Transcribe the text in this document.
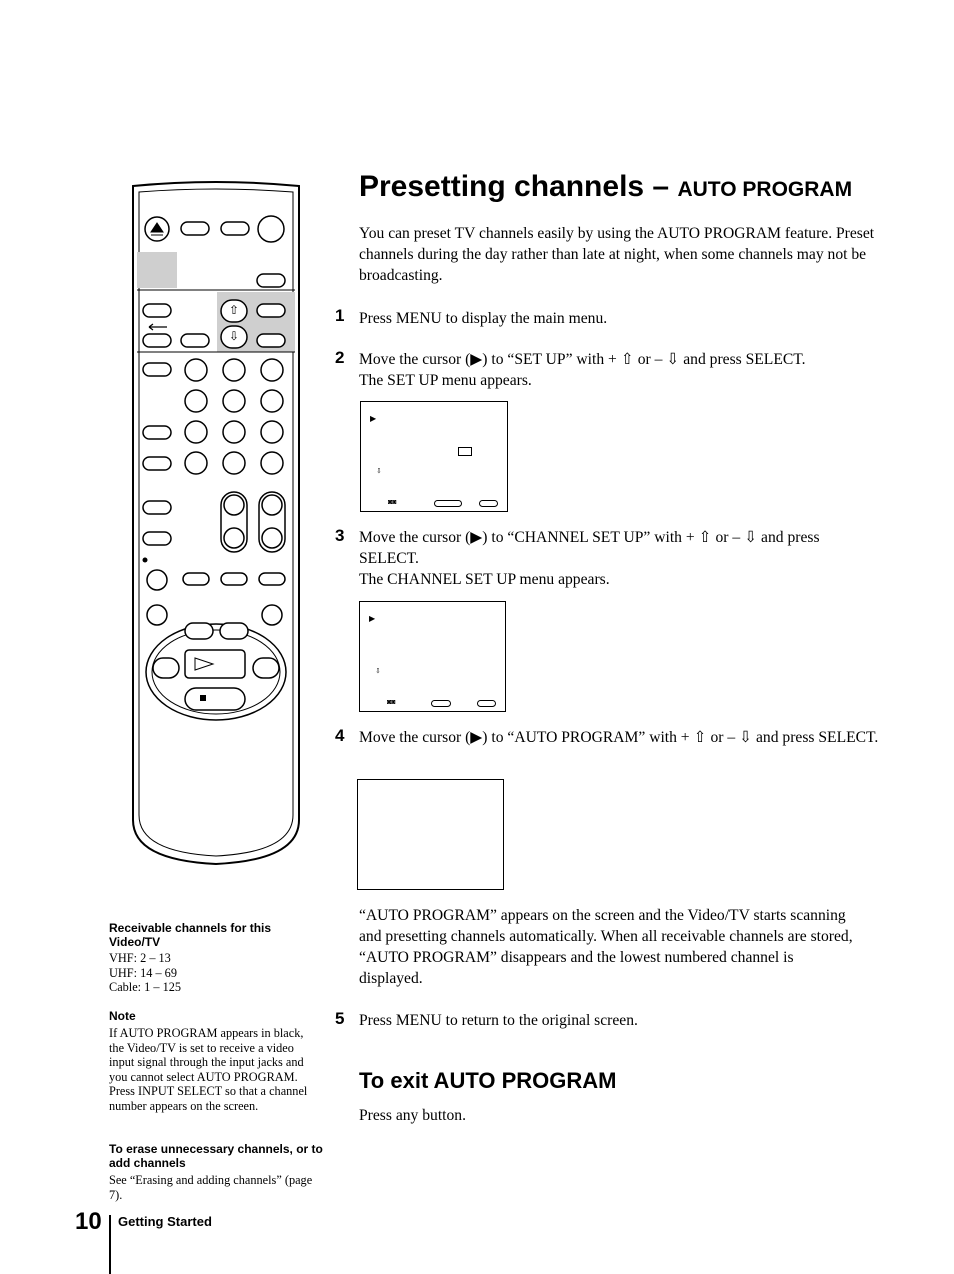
⇧
⇩
Presetting channels – AUTO PROGRAM
You can preset TV channels easily by using the AUTO PROGRAM feature. Preset channels during the day rather than late at night, when some channels may not be broadcasting.
1 Press MENU to display the main menu.
2 Move the cursor (▶) to “SET UP” with + ⇧ or – ⇩ and press SELECT.
The SET UP menu appears.
▶
⇩
◙◙
3 Move the cursor (▶) to “CHANNEL SET UP” with + ⇧ or – ⇩ and press SELECT.
The CHANNEL SET UP menu appears.
▶
⇩
◙◙
4 Move the cursor (▶) to “AUTO PROGRAM” with + ⇧ or – ⇩ and press SELECT.
“AUTO PROGRAM” appears on the screen and the Video/TV starts scanning and presetting channels automatically. When all receivable channels are stored, “AUTO PROGRAM” disappears and the lowest numbered channel is displayed.
5 Press MENU to return to the original screen.
To exit AUTO PROGRAM
Press any button.
Receivable channels for this Video/TV
VHF: 2 – 13
UHF: 14 – 69
Cable: 1 – 125
Note
If AUTO PROGRAM appears in black, the Video/TV is set to receive a video input signal through the input jacks and you cannot select AUTO PROGRAM. Press INPUT SELECT so that a channel number appears on the screen.
To erase unnecessary channels, or to add channels
See “Erasing and adding channels” (page 7).
10 Getting Started
